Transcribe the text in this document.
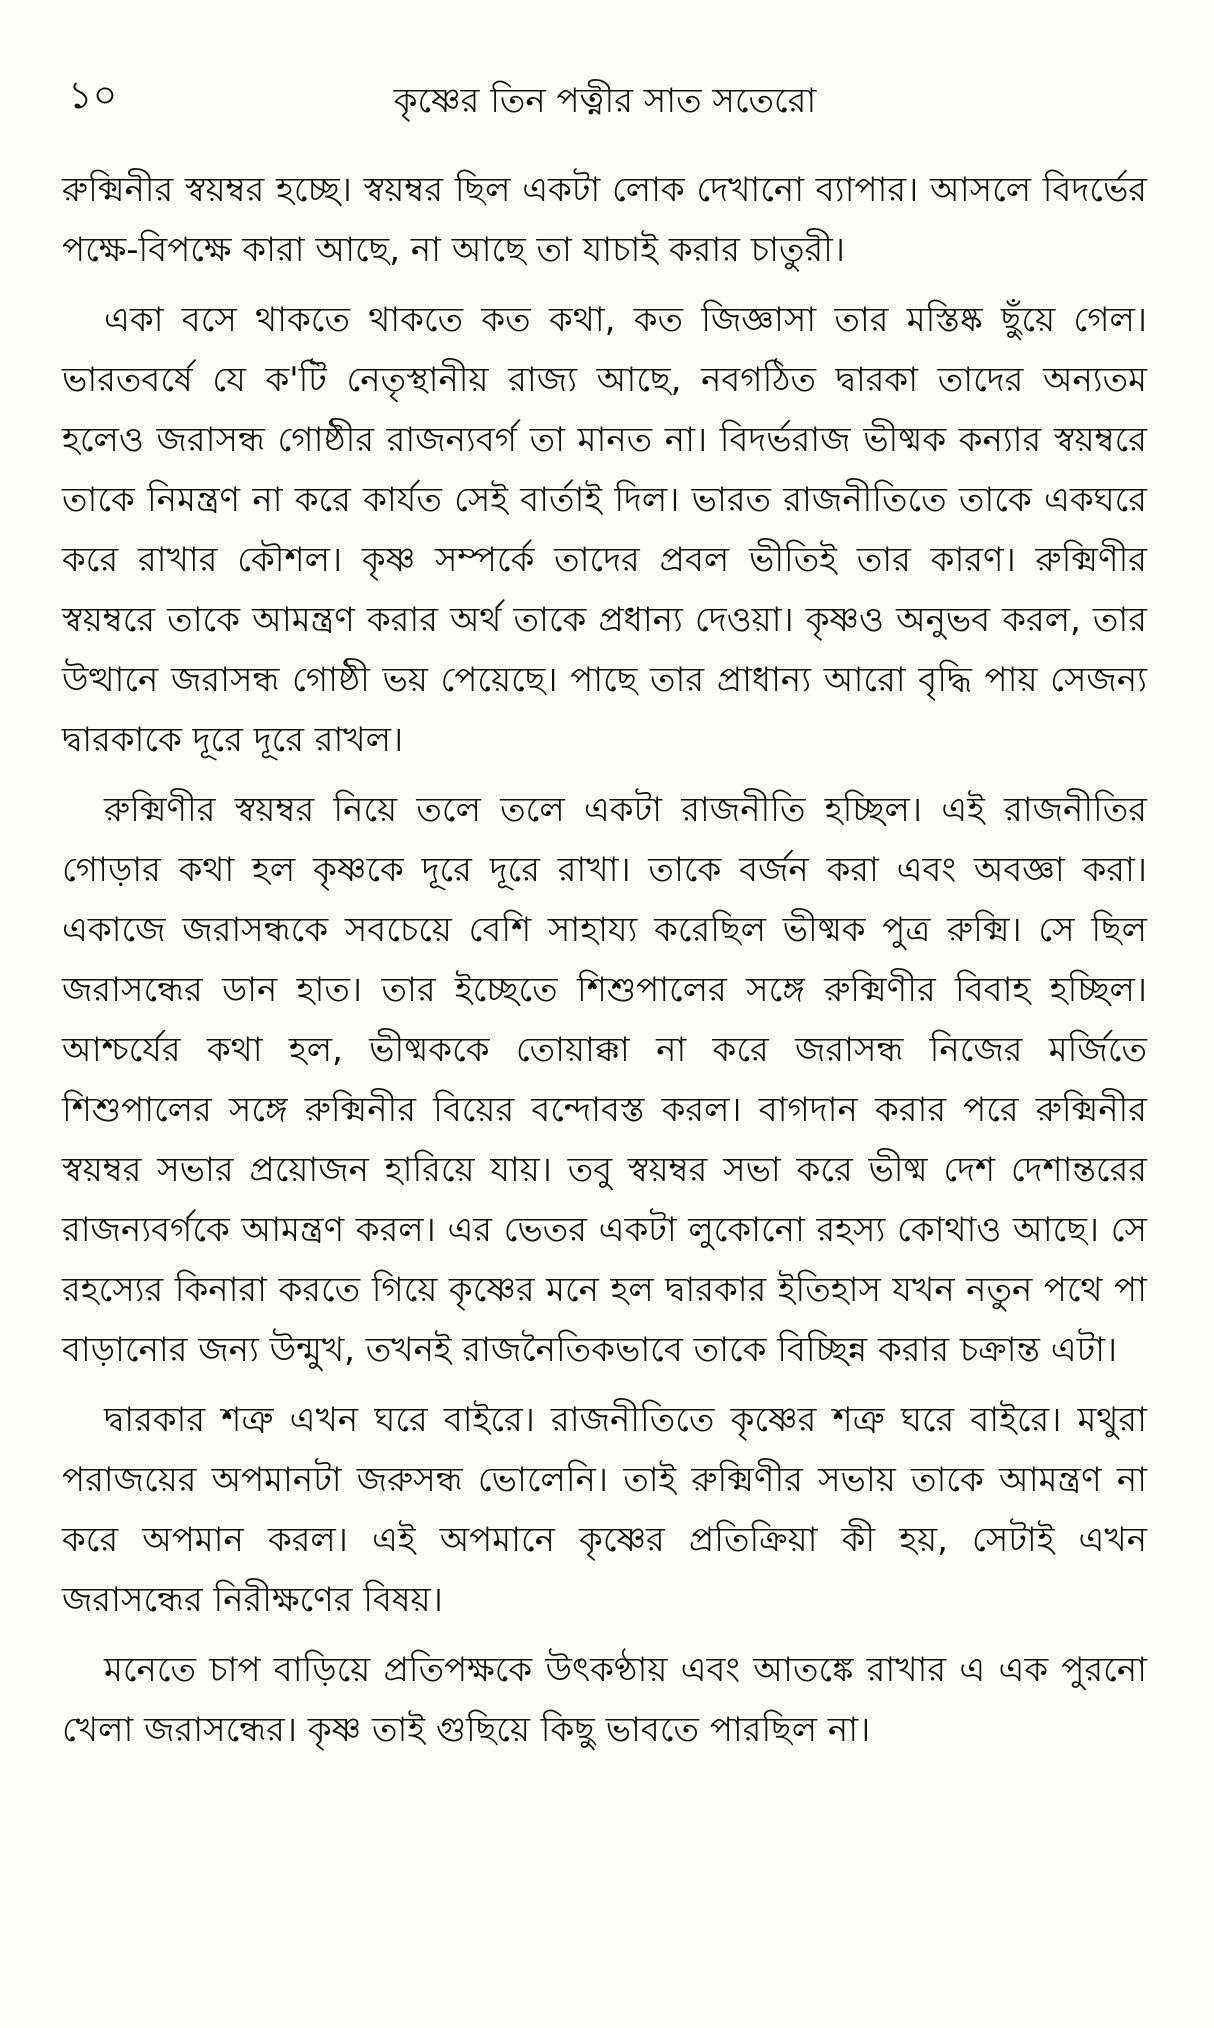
১০	কৃষ্ণের তিন পত্নীর সাত সতেরো

রুক্মিনীর স্বয়ম্বর হচ্ছে। স্বয়ম্বর ছিল একটা লোক দেখানো ব্যাপার। আসলে বিদর্ভের পক্ষে-বিপক্ষে কারা আছে, না আছে তা যাচাই করার চাতুরী।

একা বসে থাকতে থাকতে কত কথা, কত জিজ্ঞাসা তার মস্তিষ্ক ছুঁয়ে গেল। ভারতবর্ষে যে ক'টি নেতৃস্থানীয় রাজ্য আছে, নবগঠিত দ্বারকা তাদের অন্যতম হলেও জরাসন্ধ গোষ্ঠীর রাজন্যবর্গ তা মানত না। বিদর্ভরাজ ভীষ্মক কন্যার স্বয়ম্বরে তাকে নিমন্ত্রণ না করে কার্যত সেই বার্তাই দিল। ভারত রাজনীতিতে তাকে একঘরে করে রাখার কৌশল। কৃষ্ণ সম্পর্কে তাদের প্রবল ভীতিই তার কারণ। রুক্মিণীর স্বয়ম্বরে তাকে আমন্ত্রণ করার অর্থ তাকে প্রধান্য দেওয়া। কৃষ্ণও অনুভব করল, তার উত্থানে জরাসন্ধ গোষ্ঠী ভয় পেয়েছে। পাছে তার প্রাধান্য আরো বৃদ্ধি পায় সেজন্য দ্বারকাকে দূরে দূরে রাখল।

রুক্মিণীর স্বয়ম্বর নিয়ে তলে তলে একটা রাজনীতি হচ্ছিল। এই রাজনীতির গোড়ার কথা হল কৃষ্ণকে দূরে দূরে রাখা। তাকে বর্জন করা এবং অবজ্ঞা করা। একাজে জরাসন্ধকে সবচেয়ে বেশি সাহায্য করেছিল ভীষ্মক পুত্র রুক্মি। সে ছিল জরাসন্ধের ডান হাত। তার ইচ্ছেতে শিশুপালের সঙ্গে রুক্মিণীর বিবাহ হচ্ছিল। আশ্চর্যের কথা হল, ভীষ্মককে তোয়াক্কা না করে জরাসন্ধ নিজের মর্জিতে শিশুপালের সঙ্গে রুক্মিনীর বিয়ের বন্দোবস্ত করল। বাগদান করার পরে রুক্মিনীর স্বয়ম্বর সভার প্রয়োজন হারিয়ে যায়। তবু স্বয়ম্বর সভা করে ভীষ্ম দেশ দেশান্তরের রাজন্যবর্গকে আমন্ত্রণ করল। এর ভেতর একটা লুকোনো রহস্য কোথাও আছে। সে রহস্যের কিনারা করতে গিয়ে কৃষ্ণের মনে হল দ্বারকার ইতিহাস যখন নতুন পথে পা বাড়ানোর জন্য উন্মুখ, তখনই রাজনৈতিকভাবে তাকে বিচ্ছিন্ন করার চক্রান্ত এটা।

দ্বারকার শত্রু এখন ঘরে বাইরে। রাজনীতিতে কৃষ্ণের শত্রু ঘরে বাইরে। মথুরা পরাজয়ের অপমানটা জরুসন্ধ ভোলেনি। তাই রুক্মিণীর সভায় তাকে আমন্ত্রণ না করে অপমান করল। এই অপমানে কৃষ্ণের প্রতিক্রিয়া কী হয়, সেটাই এখন জরাসন্ধের নিরীক্ষণের বিষয়।

মনেতে চাপ বাড়িয়ে প্রতিপক্ষকে উৎকণ্ঠায় এবং আতঙ্কে রাখার এ এক পুরনো খেলা জরাসন্ধের। কৃষ্ণ তাই গুছিয়ে কিছু ভাবতে পারছিল না।
